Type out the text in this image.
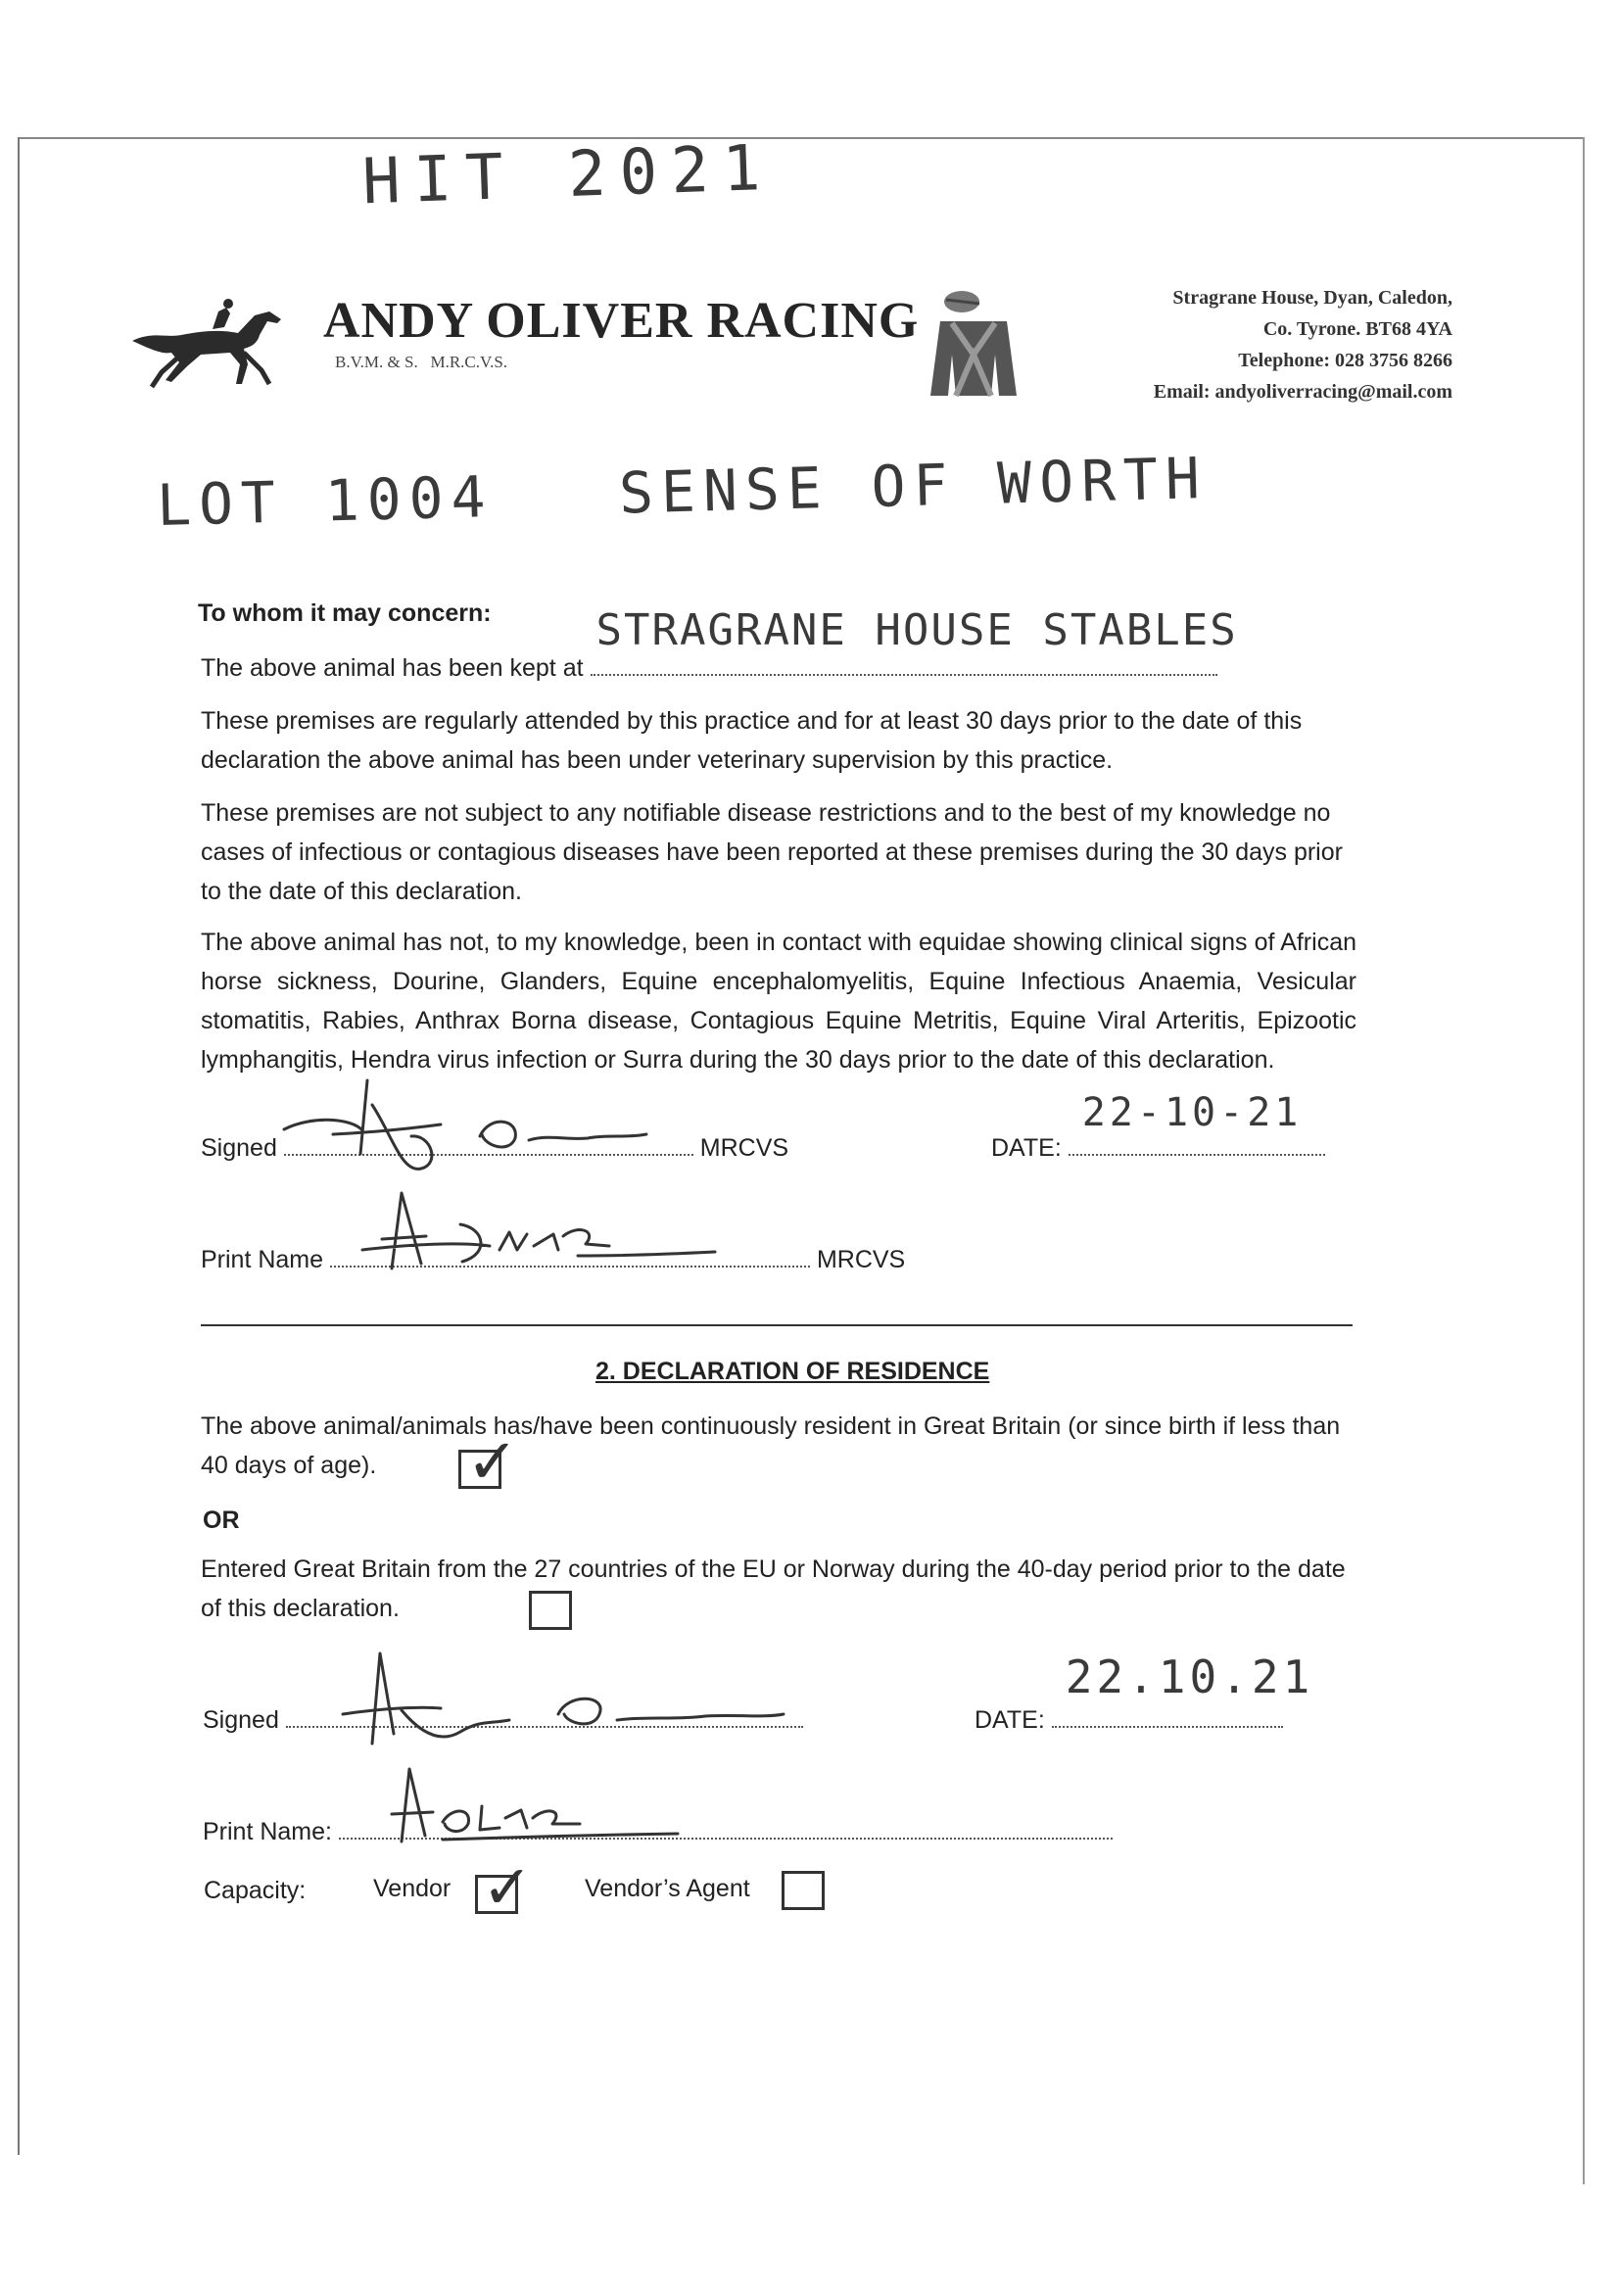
HIT 2021
ANDY OLIVER RACING
B.V.M. & S.   M.R.C.V.S.
Stragrane House, Dyan, Caledon,
Co. Tyrone. BT68 4YA
Telephone: 028 3756 8266
Email: andyoliverracing@mail.com
LOT 1004   SENSE OF WORTH
To whom it may concern:
The above animal has been kept at
STRAGRANE HOUSE STABLES

These premises are regularly attended by this practice and for at least 30 days prior to the date of this declaration the above animal has been under veterinary supervision by this practice.

These premises are not subject to any notifiable disease restrictions and to the best of my knowledge no cases of infectious or contagious diseases have been reported at these premises during the 30 days prior to the date of this declaration.

The above animal has not, to my knowledge, been in contact with equidae showing clinical signs of African horse sickness, Dourine, Glanders, Equine encephalomyelitis, Equine Infectious Anaemia, Vesicular stomatitis, Rabies, Anthrax Borna disease, Contagious Equine Metritis, Equine Viral Arteritis, Epizootic lymphangitis, Hendra virus infection or Surra during the 30 days prior to the date of this declaration.

Signed	MRCVS	DATE:
22-10-21
Print Name	MRCVS
2. DECLARATION OF RESIDENCE

The above animal/animals has/have been continuously resident in Great Britain (or since birth if less than 40 days of age).	✓
OR

Entered Great Britain from the 27 countries of the EU or Norway during the 40-day period prior to the date of this declaration.

Signed	DATE:
22.10.21
Print Name:
Capacity:	Vendor ✓ Vendor’s Agent
